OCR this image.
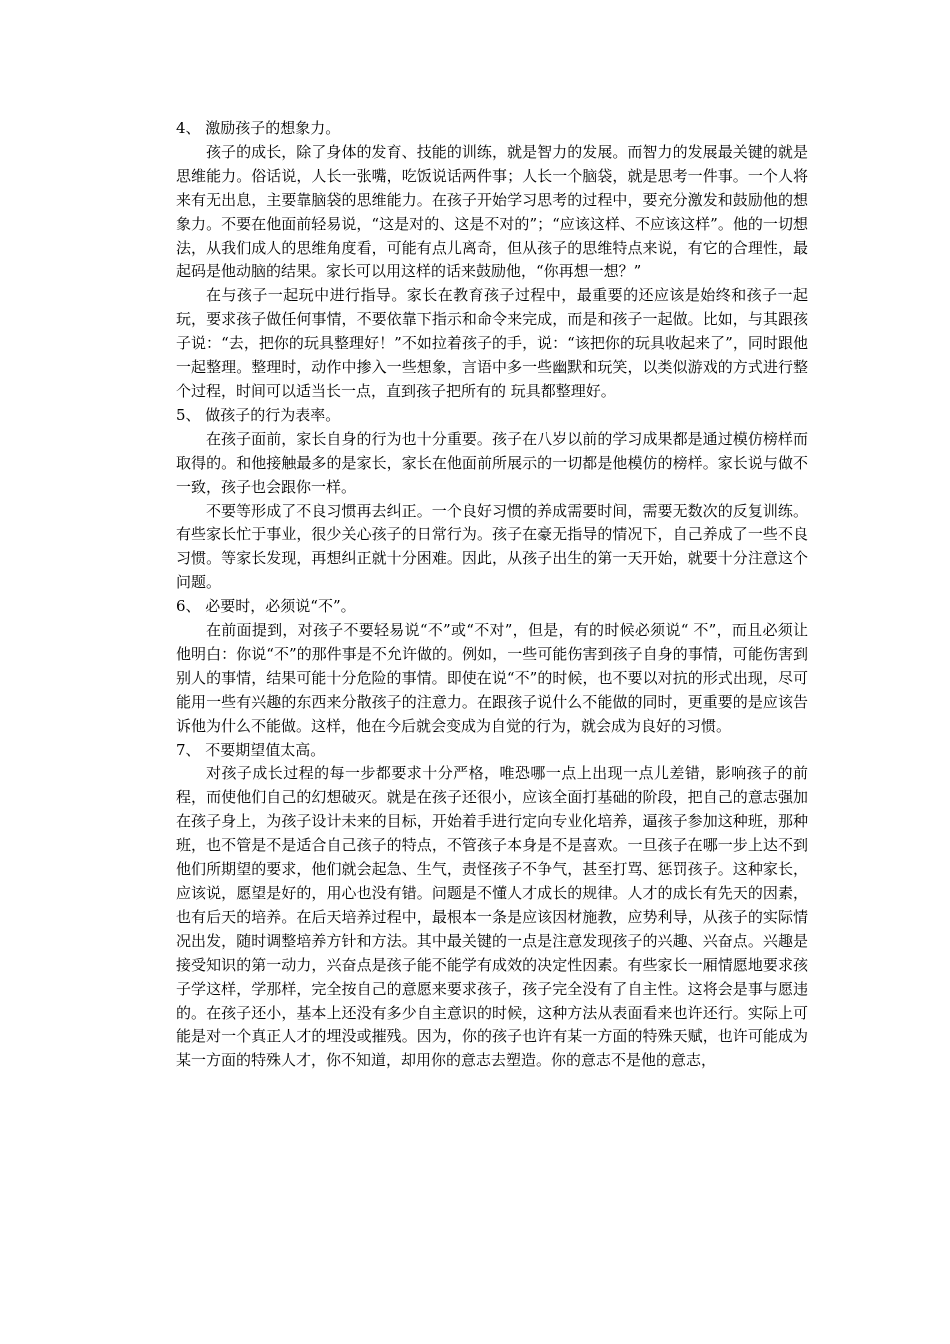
4、 激励孩子的想象力。

孩子的成长，除了身体的发育、技能的训练，就是智力的发展。而智力的发展最关键的就是思维能力。俗话说，人长一张嘴，吃饭说话两件事；人长一个脑袋，就是思考一件事。一个人将来有无出息，主要靠脑袋的思维能力。在孩子开始学习思考的过程中，要充分激发和鼓励他的想象力。不要在他面前轻易说，“这是对的、这是不对的”；“应该这样、不应该这样”。他的一切想法，从我们成人的思维角度看，可能有点儿离奇，但从孩子的思维特点来说，有它的合理性，最起码是他动脑的结果。家长可以用这样的话来鼓励他，“你再想一想？”

在与孩子一起玩中进行指导。家长在教育孩子过程中，最重要的还应该是始终和孩子一起玩，要求孩子做任何事情，不要依靠下指示和命令来完成，而是和孩子一起做。比如，与其跟孩子说：“去，把你的玩具整理好！”不如拉着孩子的手，说：“该把你的玩具收起来了”，同时跟他一起整理。整理时，动作中掺入一些想象，言语中多一些幽默和玩笑，以类似游戏的方式进行整个过程，时间可以适当长一点，直到孩子把所有的 玩具都整理好。

5、 做孩子的行为表率。

在孩子面前，家长自身的行为也十分重要。孩子在八岁以前的学习成果都是通过模仿榜样而取得的。和他接触最多的是家长，家长在他面前所展示的一切都是他模仿的榜样。家长说与做不一致，孩子也会跟你一样。

不要等形成了不良习惯再去纠正。一个良好习惯的养成需要时间，需要无数次的反复训练。有些家长忙于事业，很少关心孩子的日常行为。孩子在豪无指导的情况下，自己养成了一些不良习惯。等家长发现，再想纠正就十分困难。因此，从孩子出生的第一天开始，就要十分注意这个问题。

6、 必要时，必须说“不”。

在前面提到，对孩子不要轻易说“不”或“不对”，但是，有的时候必须说“ 不”，而且必须让他明白：你说“不”的那件事是不允许做的。例如，一些可能伤害到孩子自身的事情，可能伤害到别人的事情，结果可能十分危险的事情。即使在说“不”的时候，也不要以对抗的形式出现，尽可能用一些有兴趣的东西来分散孩子的注意力。在跟孩子说什么不能做的同时，更重要的是应该告诉他为什么不能做。这样，他在今后就会变成为自觉的行为，就会成为良好的习惯。

7、 不要期望值太高。

对孩子成长过程的每一步都要求十分严格，唯恐哪一点上出现一点儿差错，影响孩子的前程，而使他们自己的幻想破灭。就是在孩子还很小，应该全面打基础的阶段，把自己的意志强加在孩子身上，为孩子设计未来的目标，开始着手进行定向专业化培养，逼孩子参加这种班，那种班，也不管是不是适合自己孩子的特点，不管孩子本身是不是喜欢。一旦孩子在哪一步上达不到他们所期望的要求，他们就会起急、生气，责怪孩子不争气，甚至打骂、惩罚孩子。这种家长，应该说，愿望是好的，用心也没有错。问题是不懂人才成长的规律。人才的成长有先天的因素，也有后天的培养。在后天培养过程中，最根本一条是应该因材施教，应势利导，从孩子的实际情况出发，随时调整培养方针和方法。其中最关键的一点是注意发现孩子的兴趣、兴奋点。兴趣是接受知识的第一动力，兴奋点是孩子能不能学有成效的决定性因素。有些家长一厢情愿地要求孩子学这样，学那样，完全按自己的意愿来要求孩子，孩子完全没有了自主性。这将会是事与愿违的。在孩子还小，基本上还没有多少自主意识的时候，这种方法从表面看来也许还行。实际上可能是对一个真正人才的埋没或摧残。因为，你的孩子也许有某一方面的特殊天赋，也许可能成为某一方面的特殊人才，你不知道，却用你的意志去塑造。你的意志不是他的意志，
